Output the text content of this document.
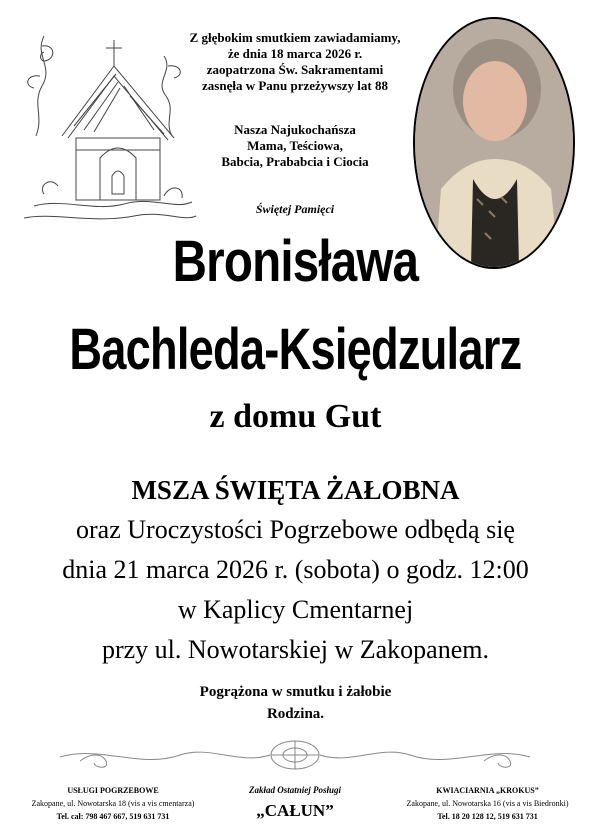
Z głębokim smutkiem zawiadamiamy,
że dnia 18 marca 2026 r.
zaopatrzona Św. Sakramentami
zasnęła w Panu przeżywszy lat 88
Nasza Najukochańsza
Mama, Teściowa,
Babcia, Prababcia i Ciocia
Świętej Pamięci
Bronisława
Bachleda-Księdzularz
z domu Gut
MSZA ŚWIĘTA ŻAŁOBNA
oraz Uroczystości Pogrzebowe odbędą się
dnia 21 marca 2026 r. (sobota) o godz. 12:00
w Kaplicy Cmentarnej
przy ul. Nowotarskiej w Zakopanem.
Pogrążona w smutku i żałobie
Rodzina.
USŁUGI POGRZEBOWE
Zakopane, ul. Nowotarska 18 (vis a vis cmentarza)
Tel. cał: 798 467 667, 519 631 731
Zakład Ostatniej Posługi
„CAŁUN”
KWIACIARNIA „KROKUS”
Zakopane, ul. Nowotarska 16 (vis a vis Biedronki)
Tel. 18 20 128 12, 519 631 731
